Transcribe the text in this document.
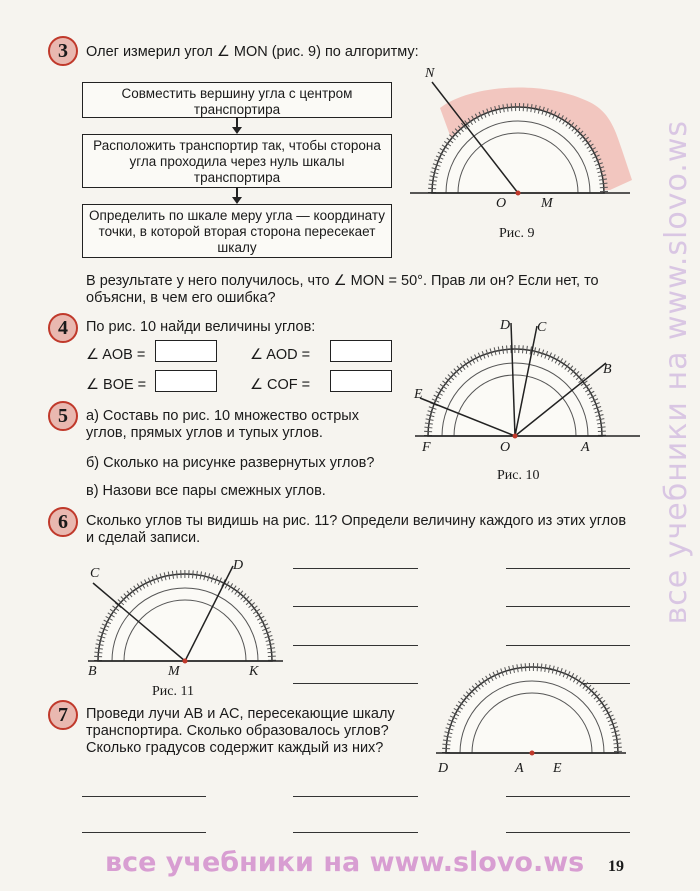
3	Олег измерил угол ∠ MON (рис. 9) по алгоритму:
Совместить вершину угла с центром транспортира
Расположить транспортир так, чтобы сторона угла проходила через нуль шкалы транспортира
Определить по шкале меру угла — координату точки, в которой вторая сторона пересекает шкалу
N
O M
Рис. 9
В результате у него получилось, что ∠ MON = 50°. Прав ли он? Если нет, то объясни, в чем его ошибка?
4	По рис. 10 найди величины углов:
∠ AOB =	∠ AOD =
∠ BOE =	∠ COF =
5	а) Составь по рис. 10 множество острых углов, прямых углов и тупых углов.
б) Сколько на рисунке развернутых углов?
в) Назови все пары смежных углов.
D C
B
E
F	O	A
Рис. 10
6	Сколько углов ты видишь на рис. 11? Определи величину каждого из этих углов и сделай записи.
C
D
B	M	K
Рис. 11
7	Проведи лучи AB и AC, пересекающие шкалу транспортира. Сколько образовалось углов? Сколько градусов содержит каждый из них?
D	A E
19
все учебники на www.slovo.ws
все учебники на www.slovo.ws
